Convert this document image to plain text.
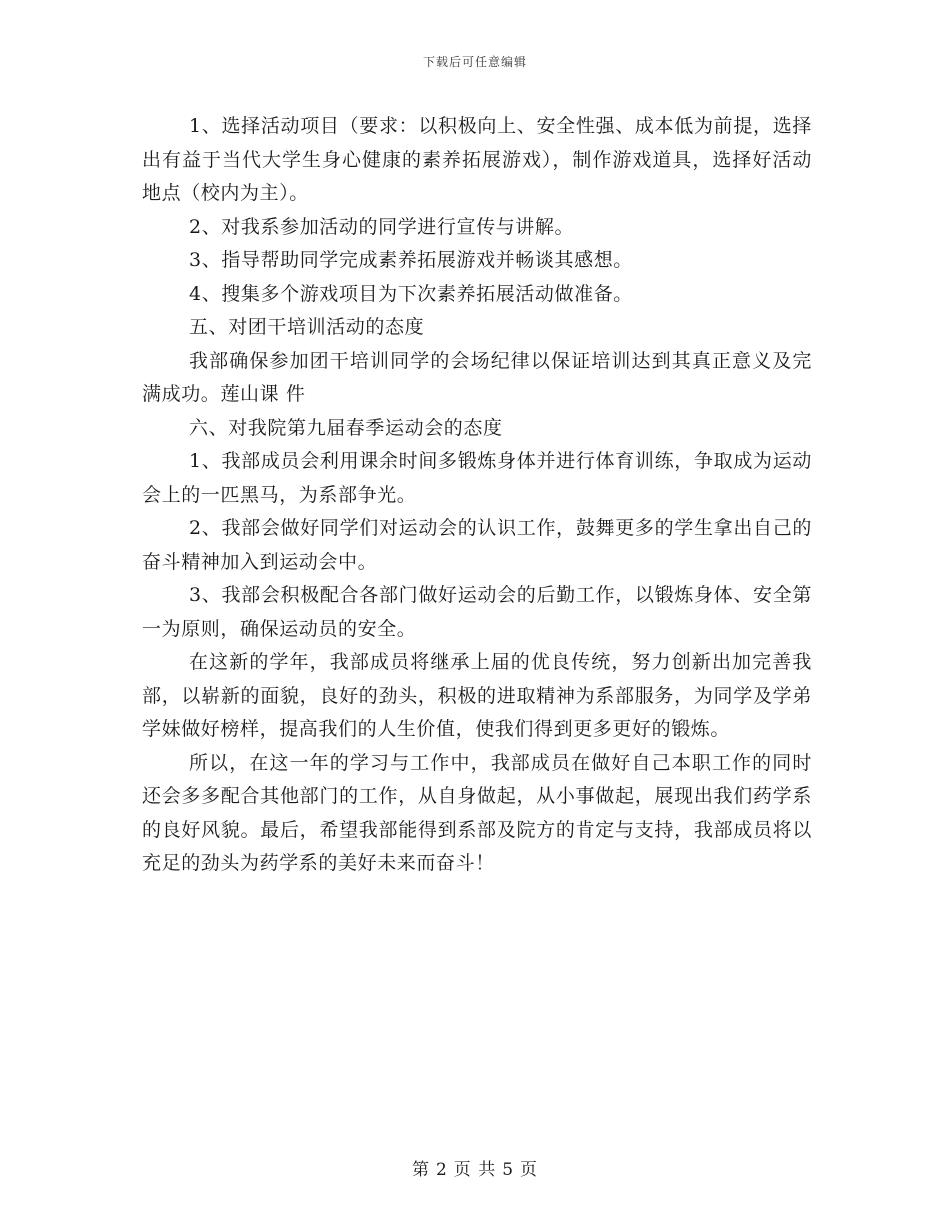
下载后可任意编辑

1、选择活动项目（要求：以积极向上、安全性强、成本低为前提，选择出有益于当代大学生身心健康的素养拓展游戏），制作游戏道具，选择好活动地点（校内为主）。

2、对我系参加活动的同学进行宣传与讲解。

3、指导帮助同学完成素养拓展游戏并畅谈其感想。

4、搜集多个游戏项目为下次素养拓展活动做准备。

五、对团干培训活动的态度

我部确保参加团干培训同学的会场纪律以保证培训达到其真正意义及完满成功。莲山课 件

六、对我院第九届春季运动会的态度

1、我部成员会利用课余时间多锻炼身体并进行体育训练，争取成为运动会上的一匹黑马，为系部争光。

2、我部会做好同学们对运动会的认识工作，鼓舞更多的学生拿出自己的奋斗精神加入到运动会中。

3、我部会积极配合各部门做好运动会的后勤工作，以锻炼身体、安全第一为原则，确保运动员的安全。

在这新的学年，我部成员将继承上届的优良传统，努力创新出加完善我部，以崭新的面貌，良好的劲头，积极的进取精神为系部服务，为同学及学弟学妹做好榜样，提高我们的人生价值，使我们得到更多更好的锻炼。

所以，在这一年的学习与工作中，我部成员在做好自己本职工作的同时还会多多配合其他部门的工作，从自身做起，从小事做起，展现出我们药学系的良好风貌。最后，希望我部能得到系部及院方的肯定与支持，我部成员将以充足的劲头为药学系的美好未来而奋斗！

第 2 页 共 5 页
